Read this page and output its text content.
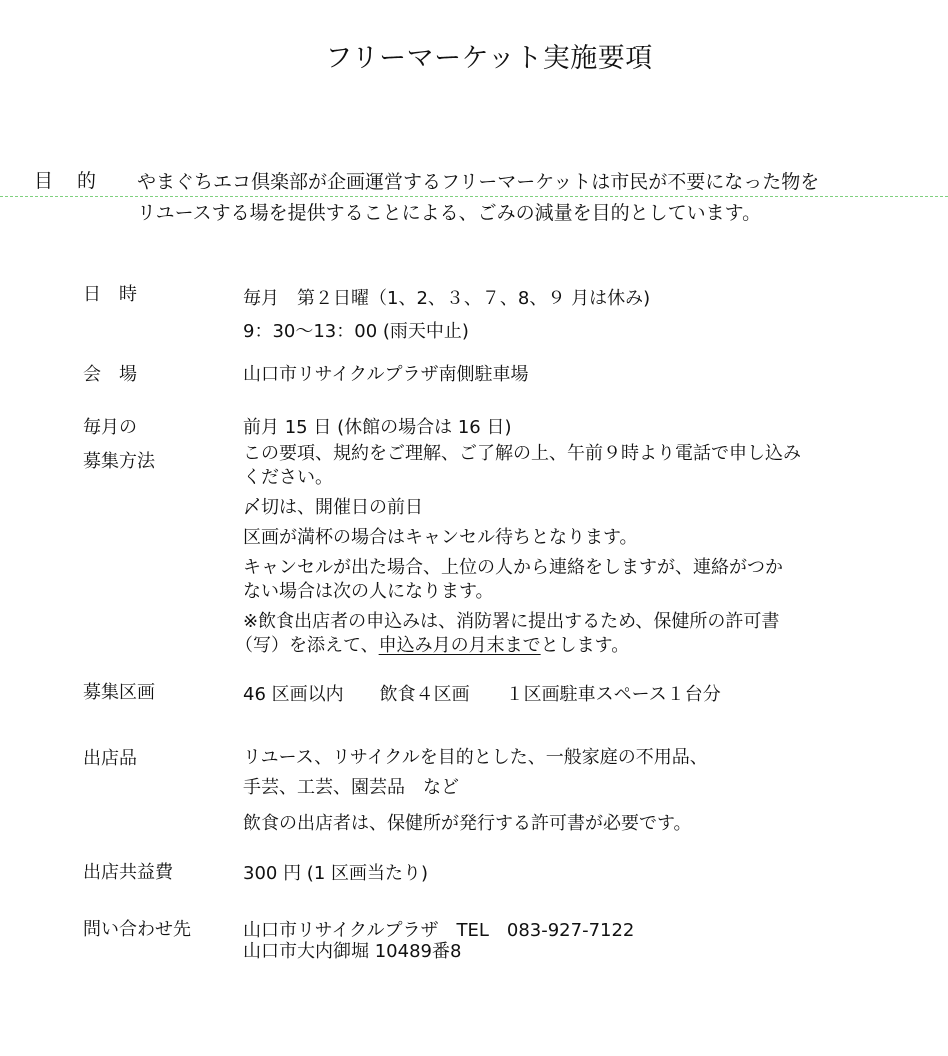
フリーマーケット実施要項
目 的 やまぐちエコ倶楽部が企画運営するフリーマーケットは市民が不要になった物を
リユースする場を提供することによる、ごみの減量を目的としています。
日　時	毎月　第２日曜（1、2、３、７、8、９ 月は休み)
9：30～13：00 (雨天中止)
会　場	山口市リサイクルプラザ南側駐車場
毎月の
募集方法
前月 15 日 (休館の場合は 16 日)
この要項、規約をご理解、ご了解の上、午前９時より電話で申し込み
ください。
〆切は、開催日の前日
区画が満杯の場合はキャンセル待ちとなります。
キャンセルが出た場合、上位の人から連絡をしますが、連絡がつか
ない場合は次の人になります。
※飲食出店者の申込みは、消防署に提出するため、保健所の許可書
（写）を添えて、申込み月の月末までとします。
募集区画	46 区画以内　　飲食４区画　　１区画駐車スペース１台分
出店品	リユース、リサイクルを目的とした、一般家庭の不用品、
手芸、工芸、園芸品　など
飲食の出店者は、保健所が発行する許可書が必要です。
出店共益費	300 円 (1 区画当たり)
問い合わせ先	山口市リサイクルプラザ　TEL　083-927-7122
山口市大内御堀 10489番8
